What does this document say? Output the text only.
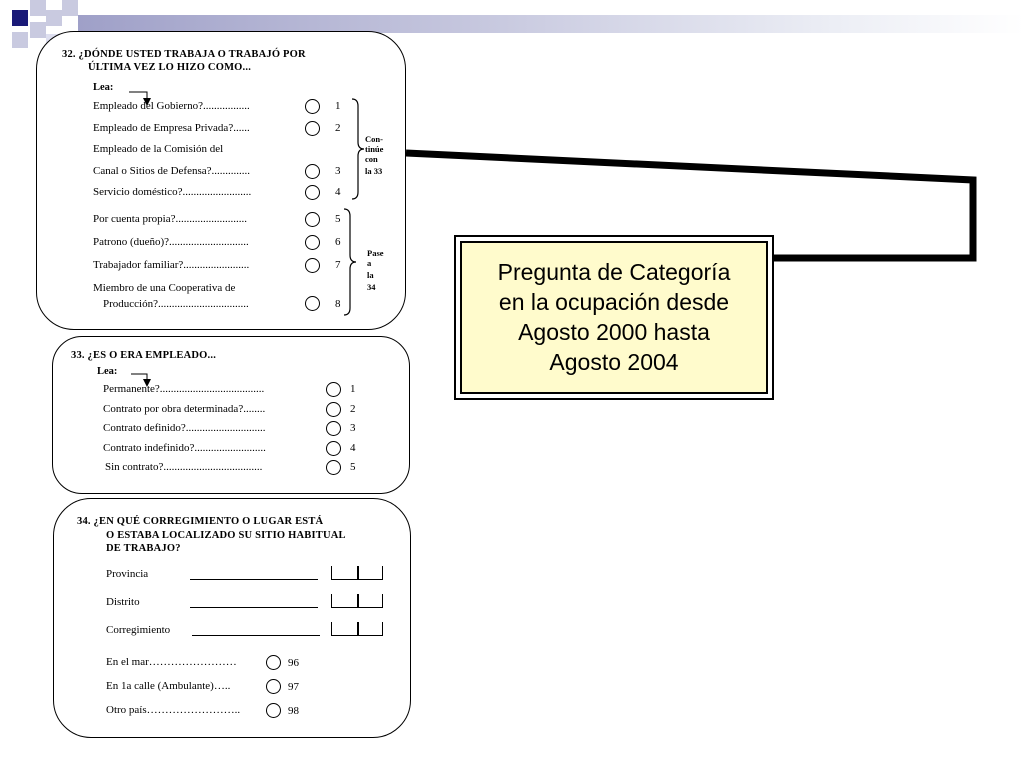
32. ¿DÓNDE USTED TRABAJA O TRABAJÓ POR
ÚLTIMA VEZ LO HIZO COMO...
Lea:
Empleado del Gobierno?.................	1
Empleado de Empresa Privada?......	2
Empleado de la Comisión del
Canal o Sitios de Defensa?..............	3
Servicio doméstico?.........................	4
Por cuenta propia?..........................	5
Patrono (dueño)?.............................	6
Trabajador familiar?........................	7
Miembro de una Cooperativa de
Producción?.................................	8
Con-
tinúe
con
la 33
Pase
a
la
34
33. ¿ES O ERA EMPLEADO...
Lea:
Permanente?......................................	1
Contrato por obra determinada?........	2
Contrato definido?.............................	3
Contrato indefinido?..........................	4
Sin contrato?....................................	5
34. ¿EN QUÉ CORREGIMIENTO O LUGAR ESTÁ
O ESTABA LOCALIZADO SU SITIO HABITUAL
DE TRABAJO?
Provincia
Distrito
Corregimiento
En el mar……………………	96
En 1a calle (Ambulante)…..	97
Otro país……………………..	98
Pregunta de Categoría
en la ocupación desde
Agosto 2000 hasta
Agosto 2004
